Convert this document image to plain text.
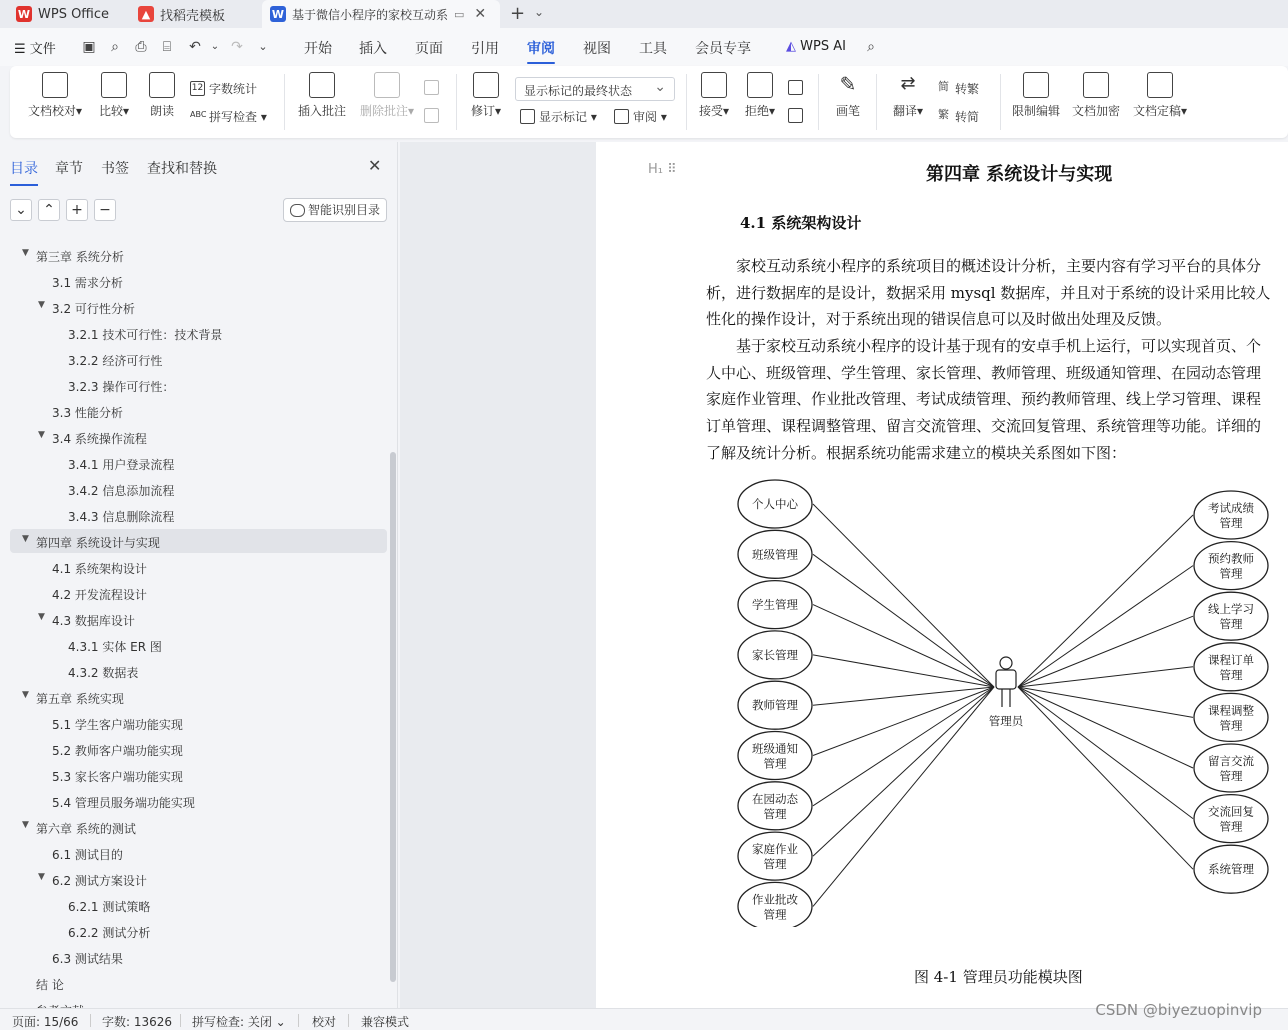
W WPS Office	▲ 找稻壳模板	W 基于微信小程序的家校互动系 ▭ ✕ + ⌄
☰ 文件 ▣	⌕	⎙	⌸	↶ ⌄ ↷	⌄	开始 插入 页面 引用 审阅 视图 工具 会员专享	◭ WPS AI	⌕
文档校对▾	比较▾	朗读
12 字数统计
ABC 拼写检查 ▾	插入批注	删除批注▾	修订▾
显示标记的最终状态 ⌄
显示标记 ▾	审阅 ▾	接受▾	拒绝▾
✎
画笔
⇄
翻译▾
简 转繁
繁 转简	限制编辑 文档加密 文档定稿▾
目录 章节 书签 查找和替换	✕
⌄	⌃	+	−	智能识别目录
▼ 第三章 系统分析
3.1 需求分析
▼ 3.2 可行性分析
3.2.1 技术可行性：技术背景
3.2.2 经济可行性
3.2.3 操作可行性：
3.3 性能分析
▼ 3.4 系统操作流程
3.4.1 用户登录流程
3.4.2 信息添加流程
3.4.3 信息删除流程
▼ 第四章 系统设计与实现
4.1 系统架构设计
4.2 开发流程设计
▼ 4.3 数据库设计
4.3.1 实体 ER 图
4.3.2 数据表
▼ 第五章 系统实现
5.1 学生客户端功能实现
5.2 教师客户端功能实现
5.3 家长客户端功能实现
5.4 管理员服务端功能实现
▼ 第六章 系统的测试
6.1 测试目的
▼ 6.2 测试方案设计
6.2.1 测试策略
6.2.2 测试分析
6.3 测试结果
结 论
H₁ ⠿	第四章 系统设计与实现
4.1 系统架构设计
　　家校互动系统小程序的系统项目的概述设计分析，主要内容有学习平台的具体分
析，进行数据库的是设计，数据采用 mysql 数据库，并且对于系统的设计采用比较人
性化的操作设计，对于系统出现的错误信息可以及时做出处理及反馈。
　　基于家校互动系统小程序的设计基于现有的安卓手机上运行，可以实现首页、个
人中心、班级管理、学生管理、家长管理、教师管理、班级通知管理、在园动态管理
家庭作业管理、作业批改管理、考试成绩管理、预约教师管理、线上学习管理、课程
订单管理、课程调整管理、留言交流管理、交流回复管理、系统管理等功能。详细的
了解及统计分析。根据系统功能需求建立的模块关系图如下图：
个人中心
班级管理
学生管理
家长管理
教师管理
班级通知
管理
在园动态
管理
家庭作业
管理
作业批改
管理
考试成绩
管理
预约教师
管理
线上学习
管理
课程订单
管理
课程调整
管理
留言交流
管理
交流回复
管理
系统管理
管理员
图 4-1 管理员功能模块图
页面: 15/66 字数: 13626 拼写检查: 关闭 ⌄ 校对 兼容模式
CSDN @biyezuopinvip
